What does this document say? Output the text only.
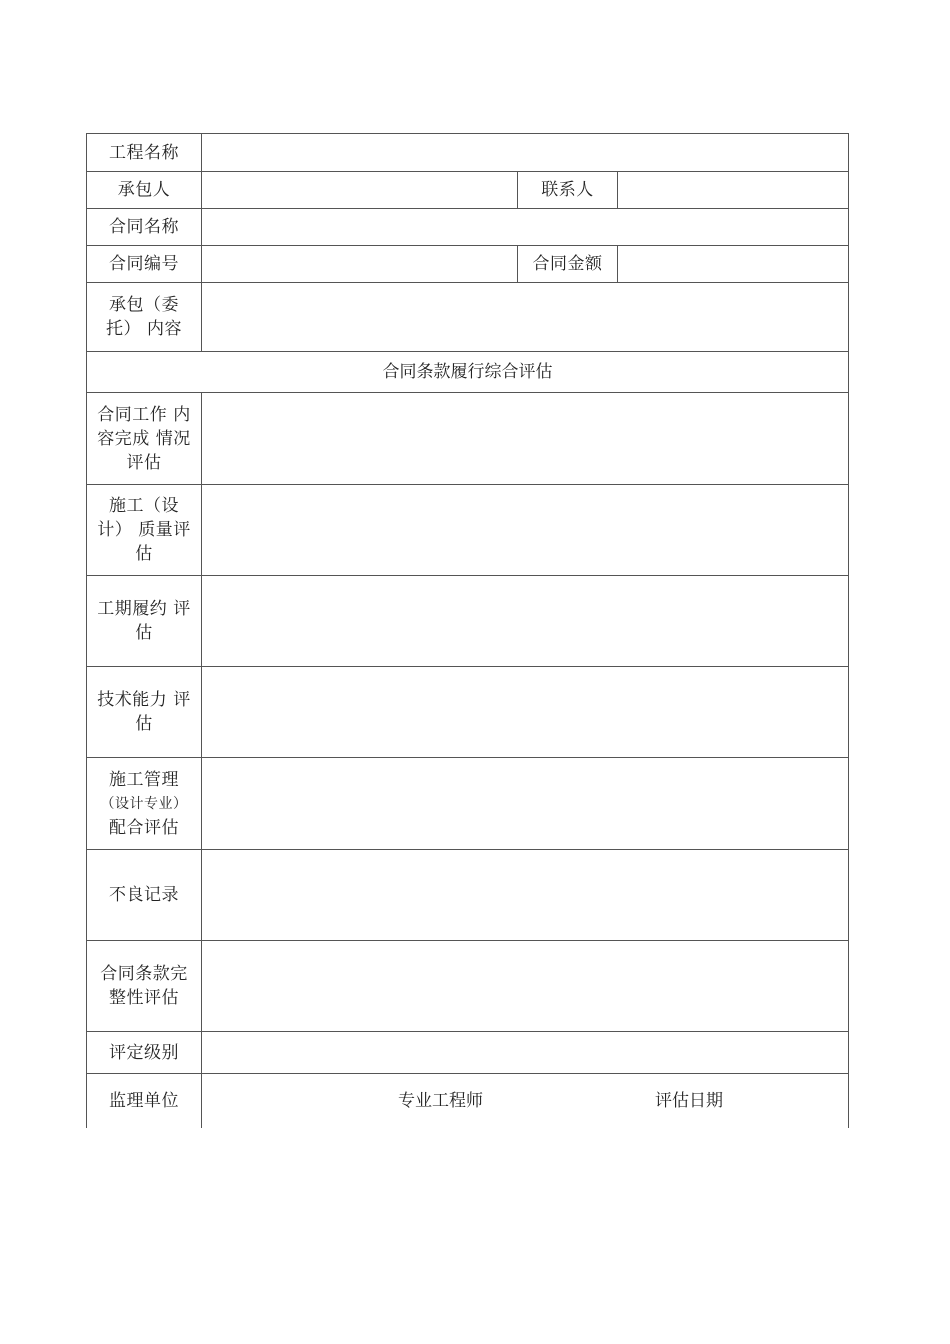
工程名称			
承包人		联系人	
合同名称			
合同编号		合同金额	

承包（委
托） 内容			

合同条款履行综合评估			

合同工作 内
容完成 情况
评估			

施工（设
计） 质量评
估			

工期履约 评
估			

技术能力 评
估			

施工管理
（设计专业）
配合评估			

不良记录			

合同条款完
整性评估			

评定级别			
监理单位	专业工程师 评估日期		
